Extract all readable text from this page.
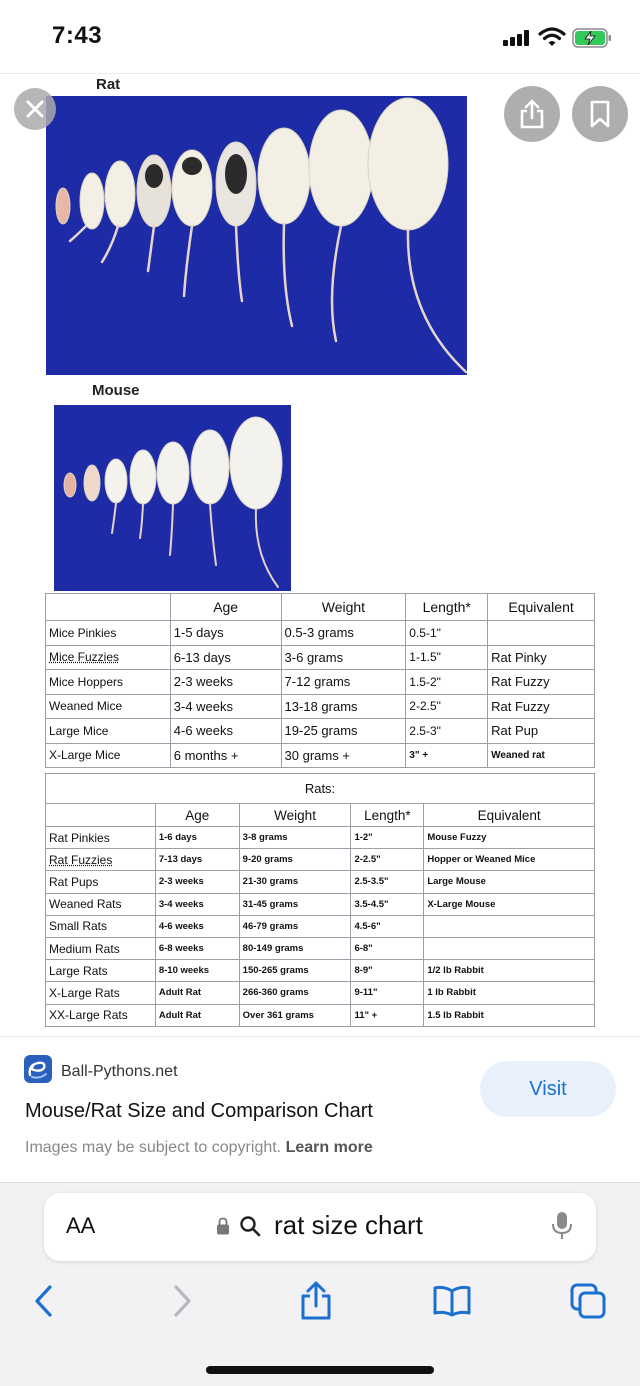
7:43
Rat
Mouse
	Age	Weight	Length*	Equivalent
Mice Pinkies	1-5 days	0.5-3 grams	0.5-1"	
Mice Fuzzies	6-13 days	3-6 grams	1-1.5"	Rat Pinky
Mice Hoppers	2-3 weeks	7-12 grams	1.5-2"	Rat Fuzzy
Weaned Mice	3-4 weeks	13-18 grams	2-2.5"	Rat Fuzzy
Large Mice	4-6 weeks	19-25 grams	2.5-3"	Rat Pup
X-Large Mice	6 months +	30 grams +	3" +	Weaned rat
Rats:				
	Age	Weight	Length*	Equivalent
Rat Pinkies	1-6 days	3-8 grams	1-2"	Mouse Fuzzy
Rat Fuzzies	7-13 days	9-20 grams	2-2.5"	Hopper or Weaned Mice
Rat Pups	2-3 weeks	21-30 grams	2.5-3.5"	Large Mouse
Weaned Rats	3-4 weeks	31-45 grams	3.5-4.5"	X-Large Mouse
Small Rats	4-6 weeks	46-79 grams	4.5-6"	
Medium Rats	6-8 weeks	80-149 grams	6-8"	
Large Rats	8-10 weeks	150-265 grams	8-9"	1/2 lb Rabbit
X-Large Rats	Adult Rat	266-360 grams	9-11"	1 lb Rabbit
XX-Large Rats	Adult Rat	Over 361 grams	11" +	1.5 lb Rabbit
Ball-Pythons.net
Mouse/Rat Size and Comparison Chart
Images may be subject to copyright. Learn more
Visit
AA	rat size chart
